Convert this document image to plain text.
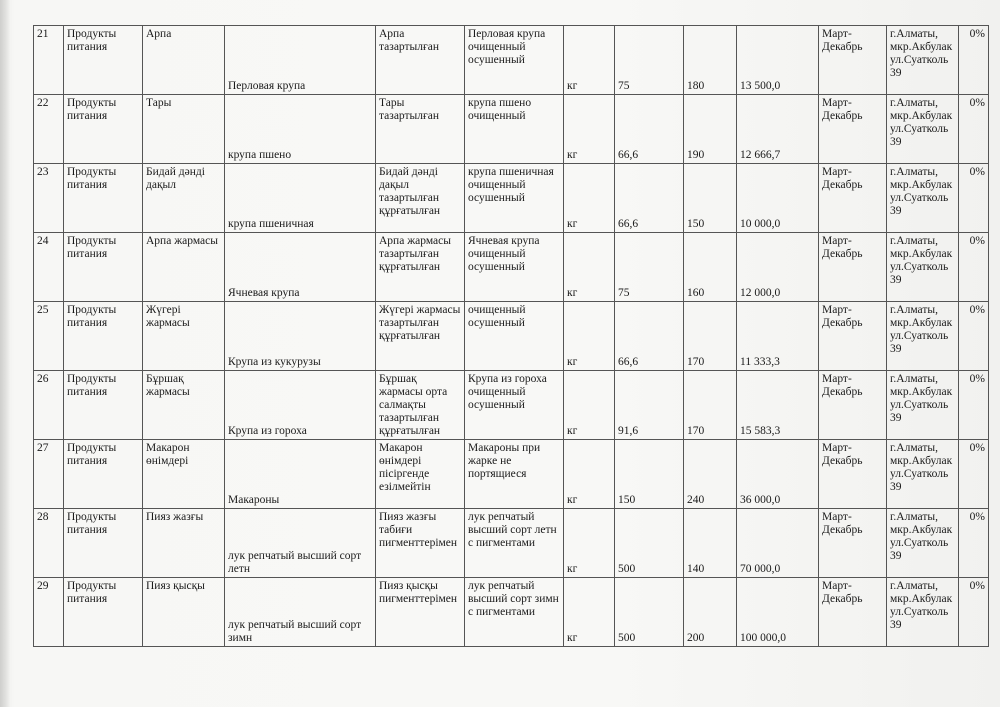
21	Продукты питания	Арпа	Перловая крупа	Арпа тазартылған	Перловая крупа очищенный осушенный	кг	75	180	13 500,0	Март-Декабрь	г.Алматы, мкр.Акбулак ул.Суатколь 39	0%
22	Продукты питания	Тары	крупа пшено	Тары тазартылған	крупа пшено очищенный	кг	66,6	190	12 666,7	Март-Декабрь	г.Алматы, мкр.Акбулак ул.Суатколь 39	0%
23	Продукты питания	Бидай дәнді дақыл	крупа пшеничная	Бидай дәнді дақыл тазартылған құрғатылған	крупа пшеничная очищенный осушенный	кг	66,6	150	10 000,0	Март-Декабрь	г.Алматы, мкр.Акбулак ул.Суатколь 39	0%
24	Продукты питания	Арпа жармасы	Ячневая крупа	Арпа жармасы тазартылған құрғатылған	Ячневая крупа очищенный осушенный	кг	75	160	12 000,0	Март-Декабрь	г.Алматы, мкр.Акбулак ул.Суатколь 39	0%
25	Продукты питания	Жүгері жармасы	Крупа из кукурузы	Жүгері жармасы тазартылған құрғатылған	очищенный осушенный	кг	66,6	170	11 333,3	Март-Декабрь	г.Алматы, мкр.Акбулак ул.Суатколь 39	0%
26	Продукты питания	Бұршақ жармасы	Крупа из гороха	Бұршақ жармасы орта салмақты тазартылған құрғатылған	Крупа из гороха очищенный осушенный	кг	91,6	170	15 583,3	Март-Декабрь	г.Алматы, мкр.Акбулак ул.Суатколь 39	0%
27	Продукты питания	Макарон өнімдері	Макароны	Макарон өнімдері пісіргенде езілмейтін	Макароны при жарке не портящиеся	кг	150	240	36 000,0	Март-Декабрь	г.Алматы, мкр.Акбулак ул.Суатколь 39	0%
28	Продукты питания	Пияз жазғы	лук репчатый высший сорт летн	Пияз жазғы табиғи пигменттерімен	лук репчатый высший сорт летн с пигментами	кг	500	140	70 000,0	Март-Декабрь	г.Алматы, мкр.Акбулак ул.Суатколь 39	0%
29	Продукты питания	Пияз қысқы	лук репчатый высший сорт зимн	Пияз қысқы пигменттерімен	лук репчатый высший сорт зимн с пигментами	кг	500	200	100 000,0	Март-Декабрь	г.Алматы, мкр.Акбулак ул.Суатколь 39	0%
